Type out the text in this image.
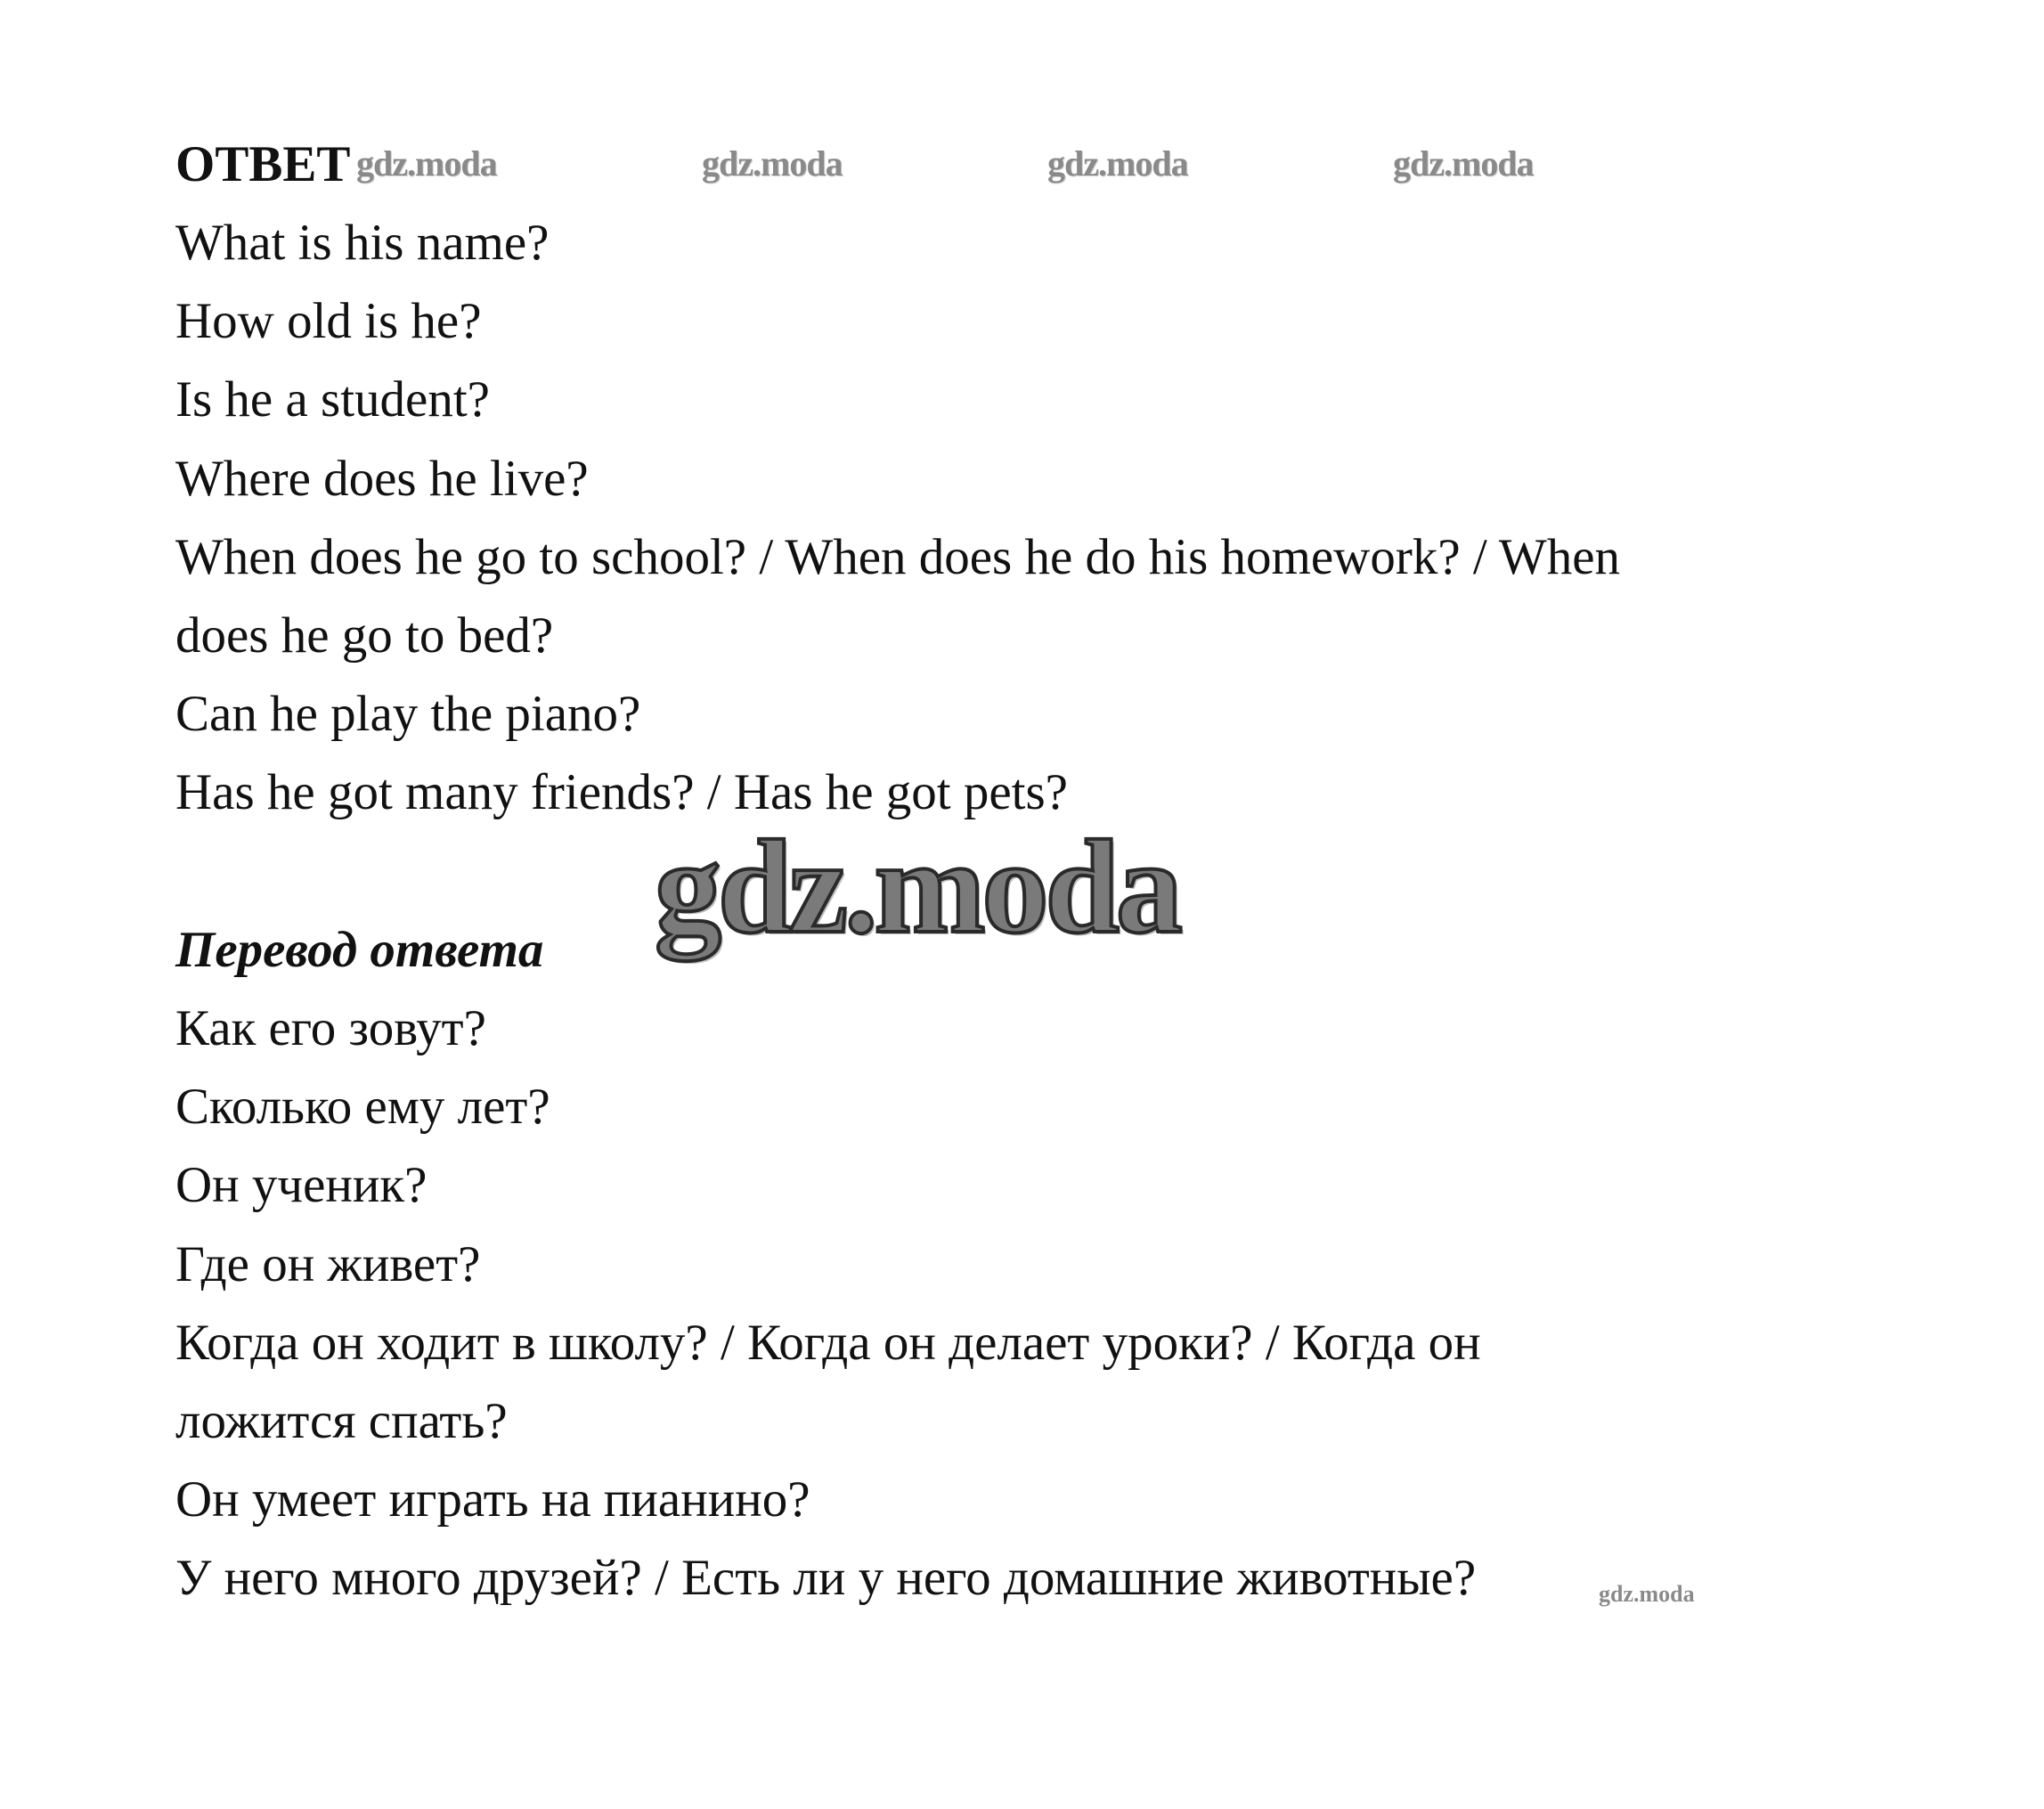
ОТВЕТ gdz.moda	gdz.moda	gdz.moda	gdz.moda
What is his name?
How old is he?
Is he a student?
Where does he live?
When does he go to school? / When does he do his homework? / When
does he go to bed?
Can he play the piano?
Has he got many friends? / Has he got pets?
gdz.moda
Перевод ответа
Как его зовут?
Сколько ему лет?
Он ученик?
Где он живет?
Когда он ходит в школу? / Когда он делает уроки? / Когда он
ложится спать?
Он умеет играть на пианино?
У него много друзей? / Есть ли у него домашние животные?	gdz.moda
